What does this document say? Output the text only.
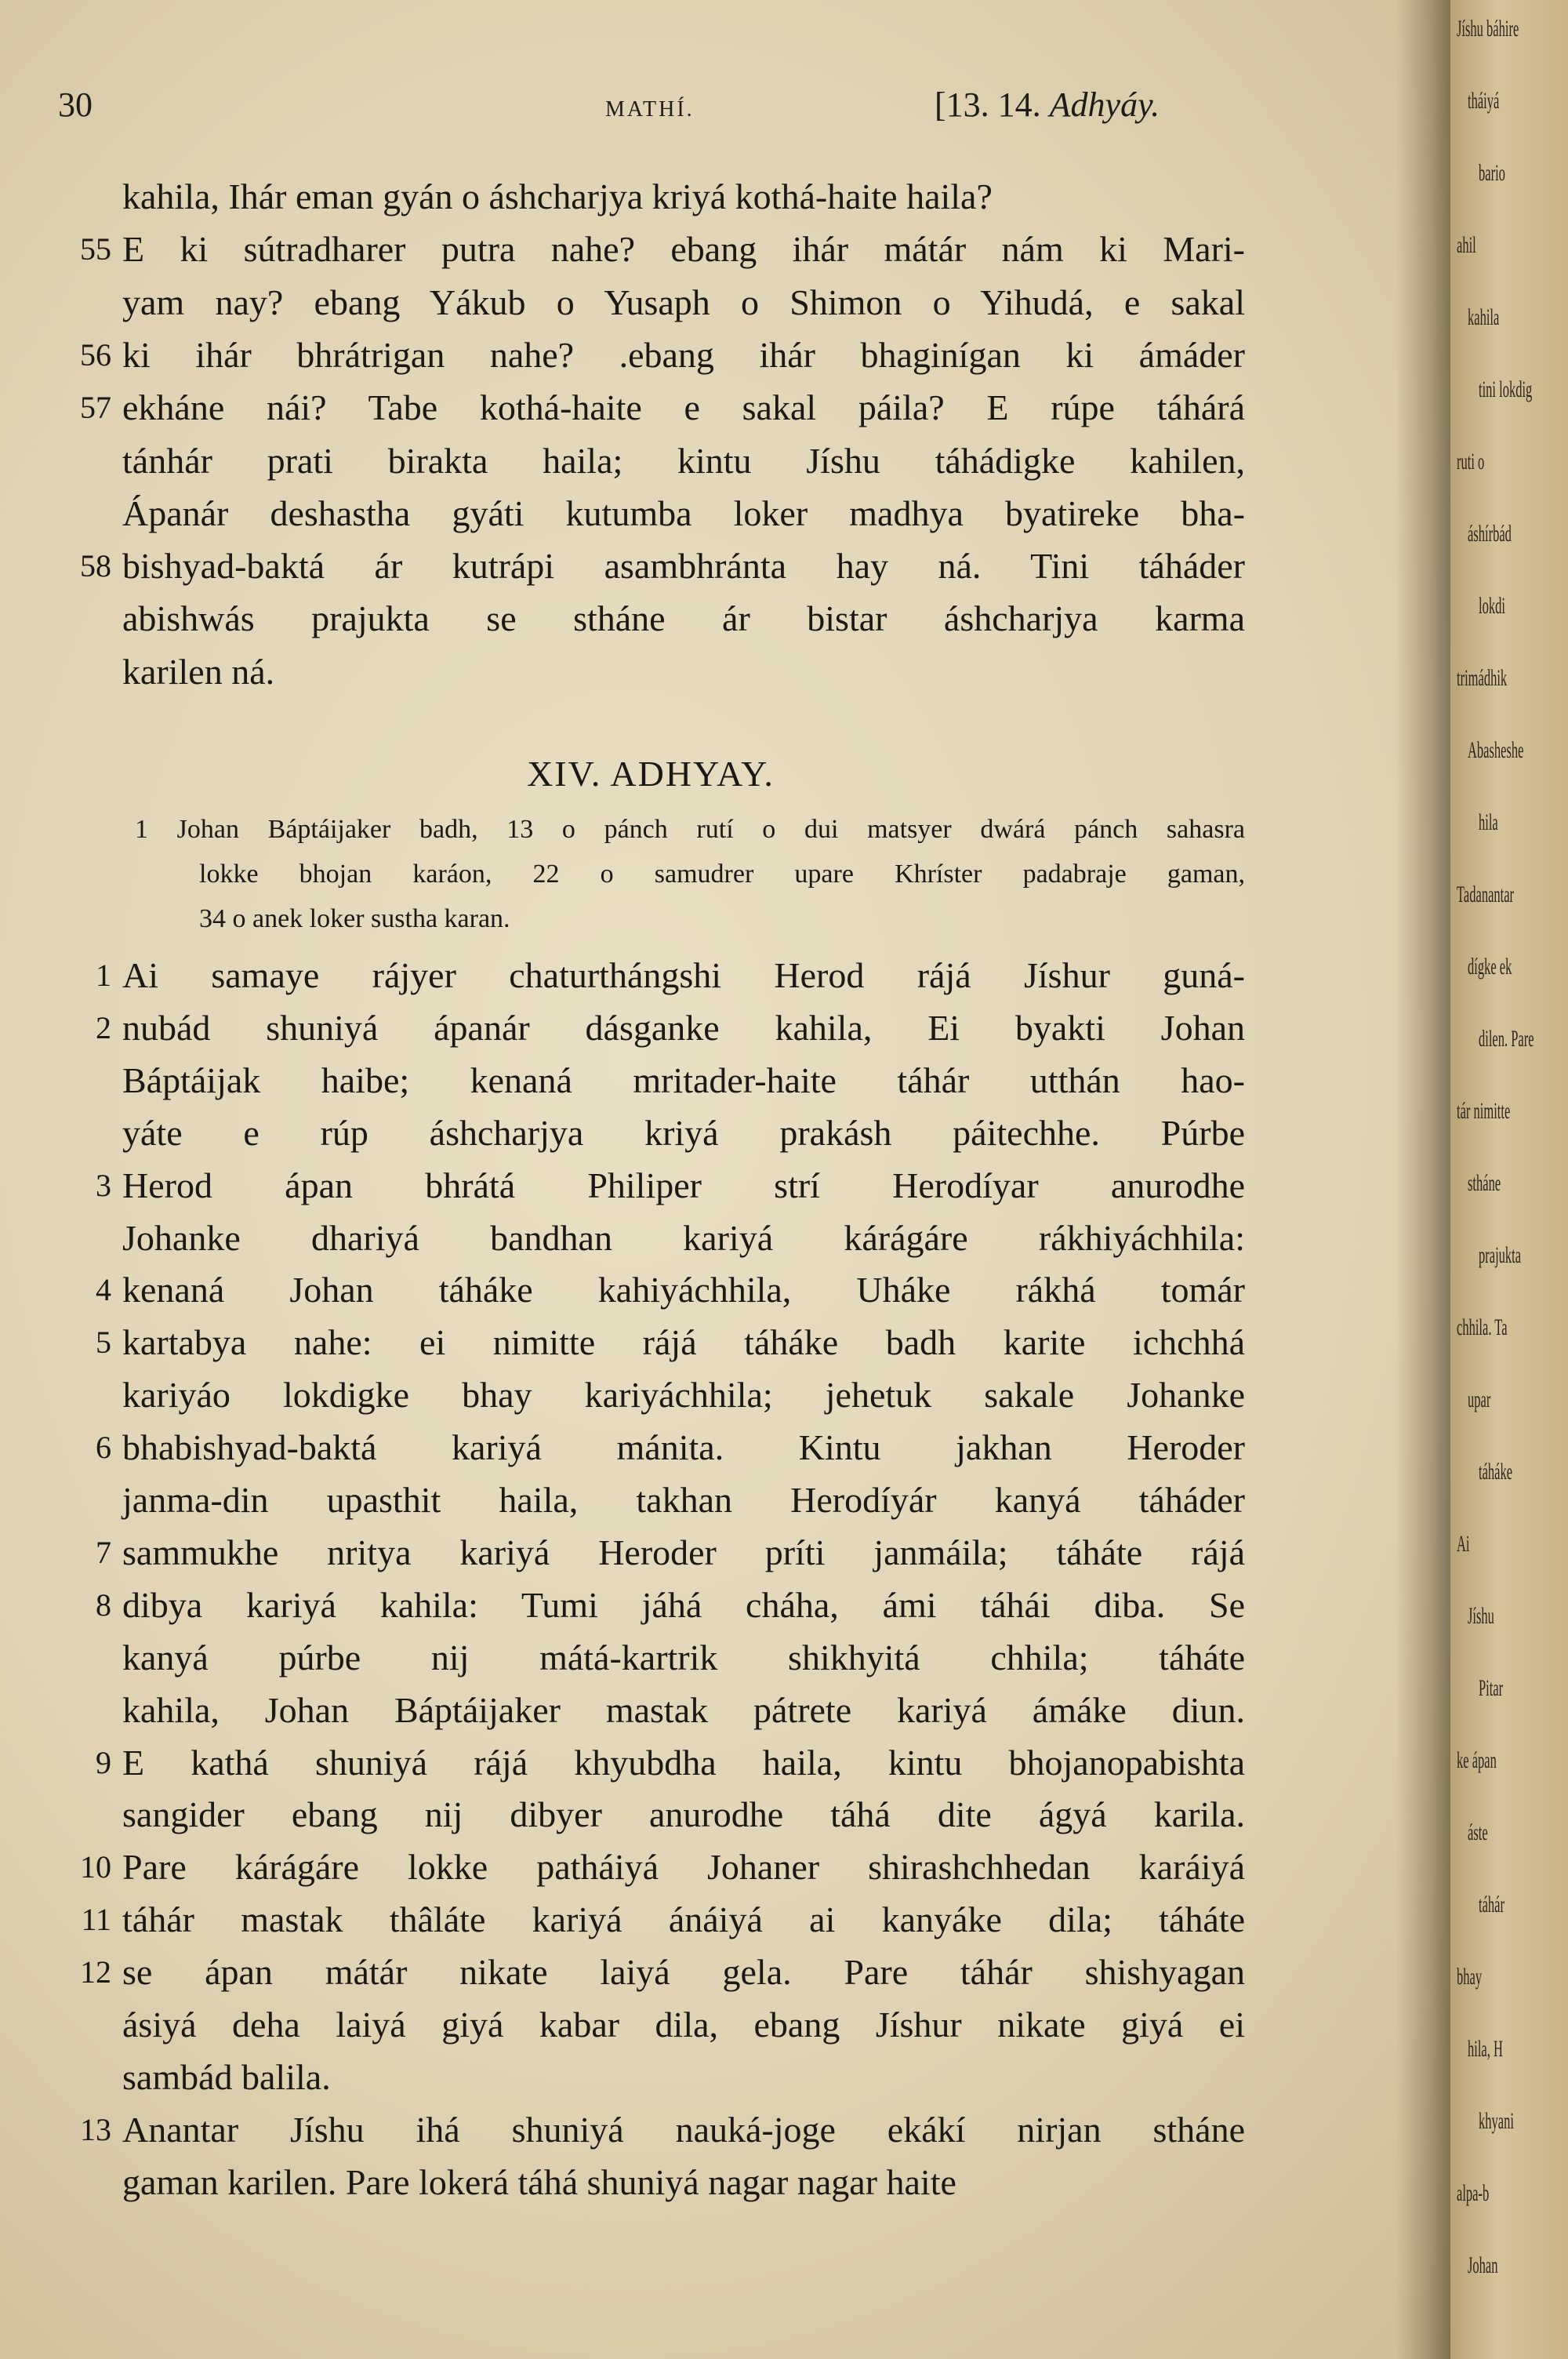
Jíshu báhire
tháiyá
bario
ahil
kahila
tini lokdig
ruti o
áshírbád
lokdi
trimádhik
Abasheshe
hila
Tadanantar
dígke ek
dilen. Pare
tár nimitte
stháne
prajukta
chhila. Ta
upar
táháke
Ai
Jíshu
Pitar
ke ápan
áste
táhár
bhay
hila, H
khyani
alpa-b
Johan
30	MATHÍ.	[13. 14. Adhyáy.
kahila, Ihár eman gyán o áshcharjya kriyá kothá-haite haila?
55 E ki sútradharer putra nahe? ebang ihár mátár nám ki Mari-
yam nay? ebang Yákub o Yusaph o Shimon o Yihudá, e sakal
56 ki ihár bhrátrigan nahe? .ebang ihár bhaginígan ki ámáder
57 ekháne nái? Tabe kothá-haite e sakal páila? E rúpe táhárá
tánhár prati birakta haila; kintu Jíshu táhádigke kahilen,
Ápanár deshastha gyáti kutumba loker madhya byatireke bha-
58 bishyad-baktá ár kutrápi asambhránta hay ná. Tini táháder
abishwás prajukta se stháne ár bistar áshcharjya karma
karilen ná.
XIV. ADHYAY.
1 Johan Báptáijaker badh, 13 o pánch rutí o dui matsyer dwárá pánch sahasra
lokke bhojan karáon, 22 o samudrer upare Khríster padabraje gaman,
34 o anek loker sustha karan.
1 Ai samaye rájyer chaturthángshi Herod rájá Jíshur guná-
2 nubád shuniyá ápanár dásganke kahila, Ei byakti Johan
Báptáijak haibe; kenaná mritader-haite táhár utthán hao-
yáte e rúp áshcharjya kriyá prakásh páitechhe. Púrbe
3 Herod ápan bhrátá Philiper strí Herodíyar anurodhe
Johanke dhariyá bandhan kariyá kárágáre rákhiyáchhila:
4 kenaná Johan táháke kahiyáchhila, Uháke rákhá tomár
5 kartabya nahe: ei nimitte rájá táháke badh karite ichchhá
kariyáo lokdigke bhay kariyáchhila; jehetuk sakale Johanke
6 bhabishyad-baktá kariyá mánita. Kintu jakhan Heroder
janma-din upasthit haila, takhan Herodíyár kanyá táháder
7 sammukhe nritya kariyá Heroder príti janmáila; táháte rájá
8 dibya kariyá kahila: Tumi jáhá cháha, ámi táhái diba. Se
kanyá púrbe nij mátá-kartrik shikhyitá chhila; táháte
kahila, Johan Báptáijaker mastak pátrete kariyá ámáke diun.
9 E kathá shuniyá rájá khyubdha haila, kintu bhojanopabishta
sangider ebang nij dibyer anurodhe táhá dite ágyá karila.
10 Pare kárágáre lokke patháiyá Johaner shirashchhedan karáiyá
11 táhár mastak thâláte kariyá ánáiyá ai kanyáke dila; táháte
12 se ápan mátár nikate laiyá gela. Pare táhár shishyagan
ásiyá deha laiyá giyá kabar dila, ebang Jíshur nikate giyá ei
sambád balila.
13 Anantar Jíshu ihá shuniyá nauká-joge ekákí nirjan stháne
gaman karilen. Pare lokerá táhá shuniyá nagar nagar haite
